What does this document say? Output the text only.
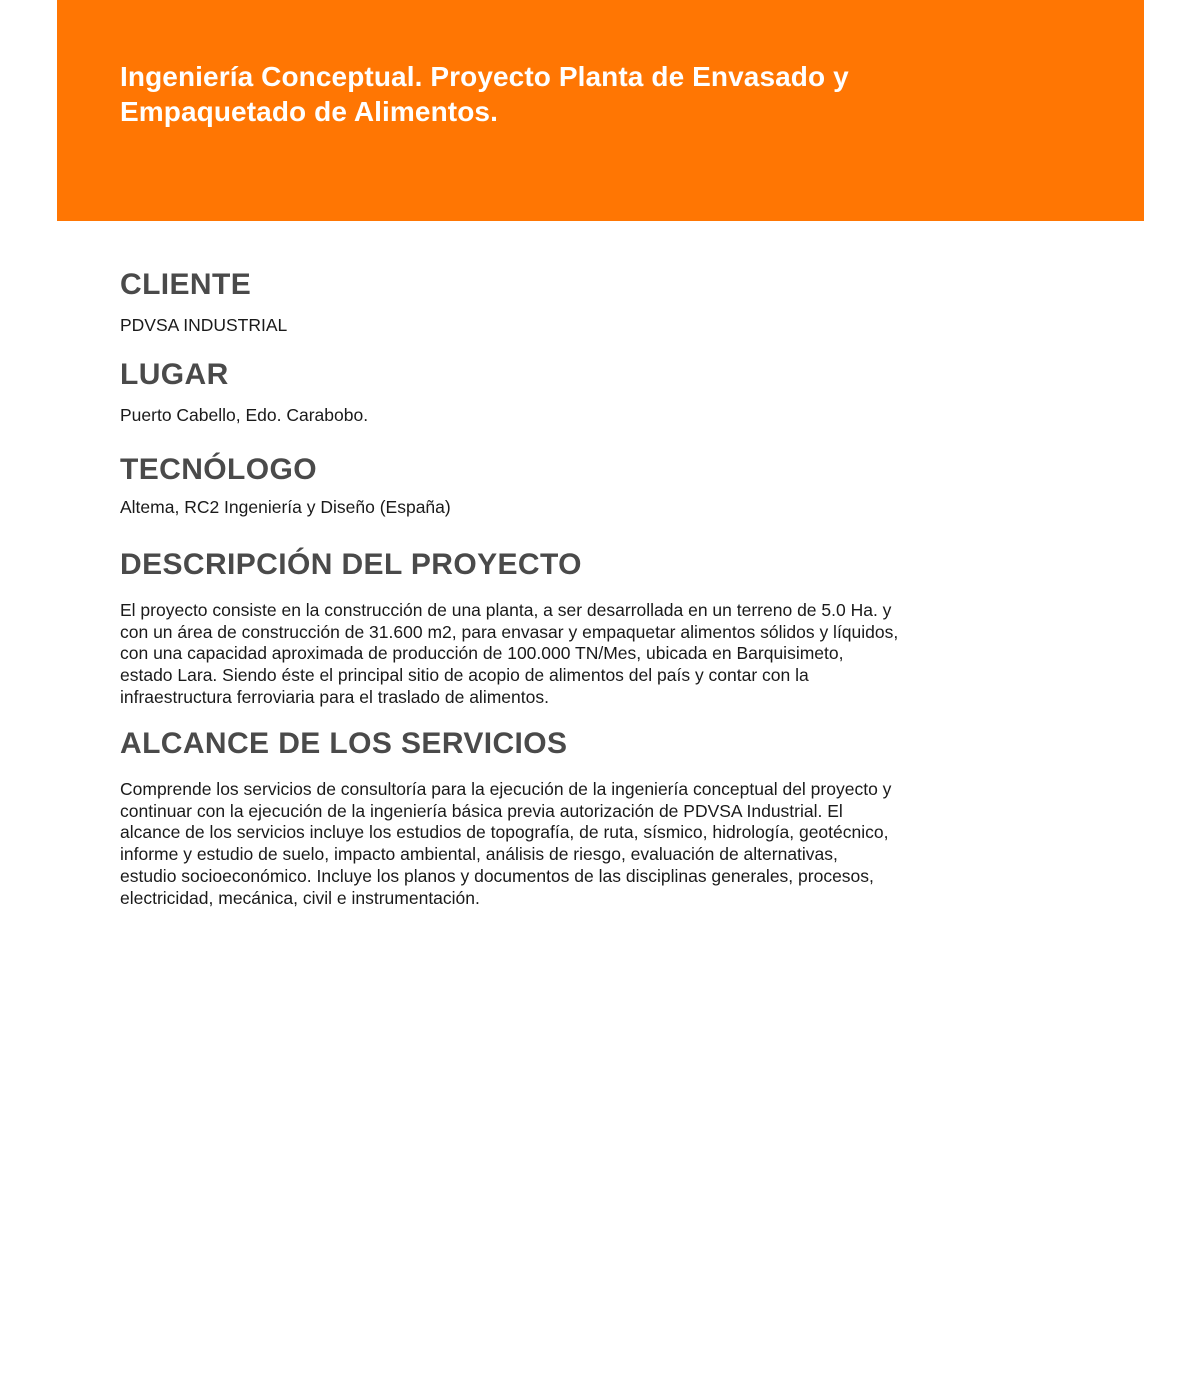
Ingeniería Conceptual. Proyecto Planta de Envasado y
Empaquetado de Alimentos.
CLIENTE

PDVSA INDUSTRIAL

LUGAR

Puerto Cabello, Edo. Carabobo.

TECNÓLOGO

Altema, RC2 Ingeniería y Diseño (España)

DESCRIPCIÓN DEL PROYECTO
El proyecto consiste en la construcción de una planta, a ser desarrollada en un terreno de 5.0 Ha. y
con un área de construcción de 31.600 m2, para envasar y empaquetar alimentos sólidos y líquidos,
con una capacidad aproximada de producción de 100.000 TN/Mes, ubicada en Barquisimeto,
estado Lara. Siendo éste el principal sitio de acopio de alimentos del país y contar con la
infraestructura ferroviaria para el traslado de alimentos.
ALCANCE DE LOS SERVICIOS
Comprende los servicios de consultoría para la ejecución de la ingeniería conceptual del proyecto y
continuar con la ejecución de la ingeniería básica previa autorización de PDVSA Industrial. El
alcance de los servicios incluye los estudios de topografía, de ruta, sísmico, hidrología, geotécnico,
informe y estudio de suelo, impacto ambiental, análisis de riesgo, evaluación de alternativas,
estudio socioeconómico. Incluye los planos y documentos de las disciplinas generales, procesos,
electricidad, mecánica, civil e instrumentación.
